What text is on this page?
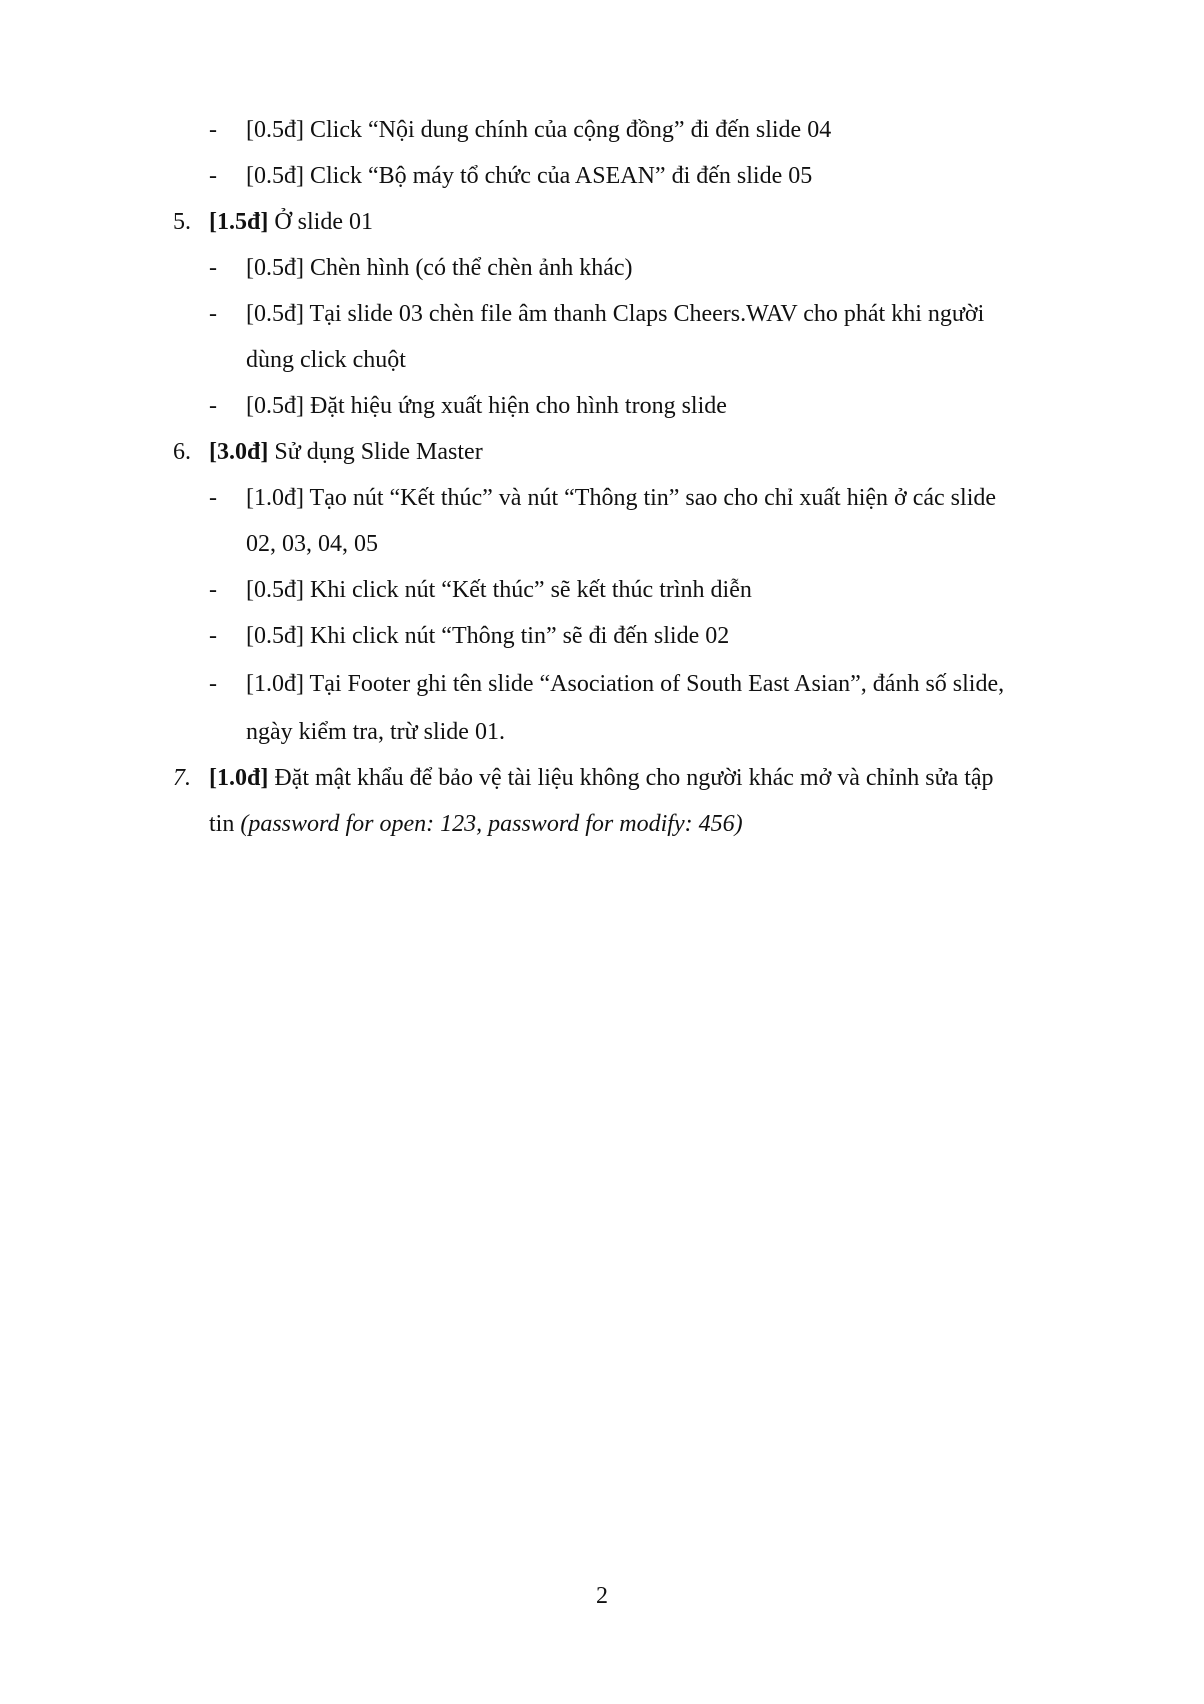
- [0.5đ] Click “Nội dung chính của cộng đồng” đi đến slide 04
- [0.5đ] Click “Bộ máy tổ chức của ASEAN” đi đến slide 05
5. [1.5đ] Ở slide 01
- [0.5đ] Chèn hình (có thể chèn ảnh khác)
- [0.5đ] Tại slide 03 chèn file âm thanh Claps Cheers.WAV cho phát khi người
dùng click chuột
- [0.5đ] Đặt hiệu ứng xuất hiện cho hình trong slide
6. [3.0đ] Sử dụng Slide Master
- [1.0đ] Tạo nút “Kết thúc” và nút “Thông tin” sao cho chỉ xuất hiện ở các slide
02, 03, 04, 05
- [0.5đ] Khi click nút “Kết thúc” sẽ kết thúc trình diễn
- [0.5đ] Khi click nút “Thông tin” sẽ đi đến slide 02
- [1.0đ] Tại Footer ghi tên slide “Asociation of South East Asian”, đánh số slide,
ngày kiểm tra, trừ slide 01.
7. [1.0đ] Đặt mật khẩu để bảo vệ tài liệu không cho người khác mở và chỉnh sửa tập
tin (password for open: 123, password for modify: 456)
2
